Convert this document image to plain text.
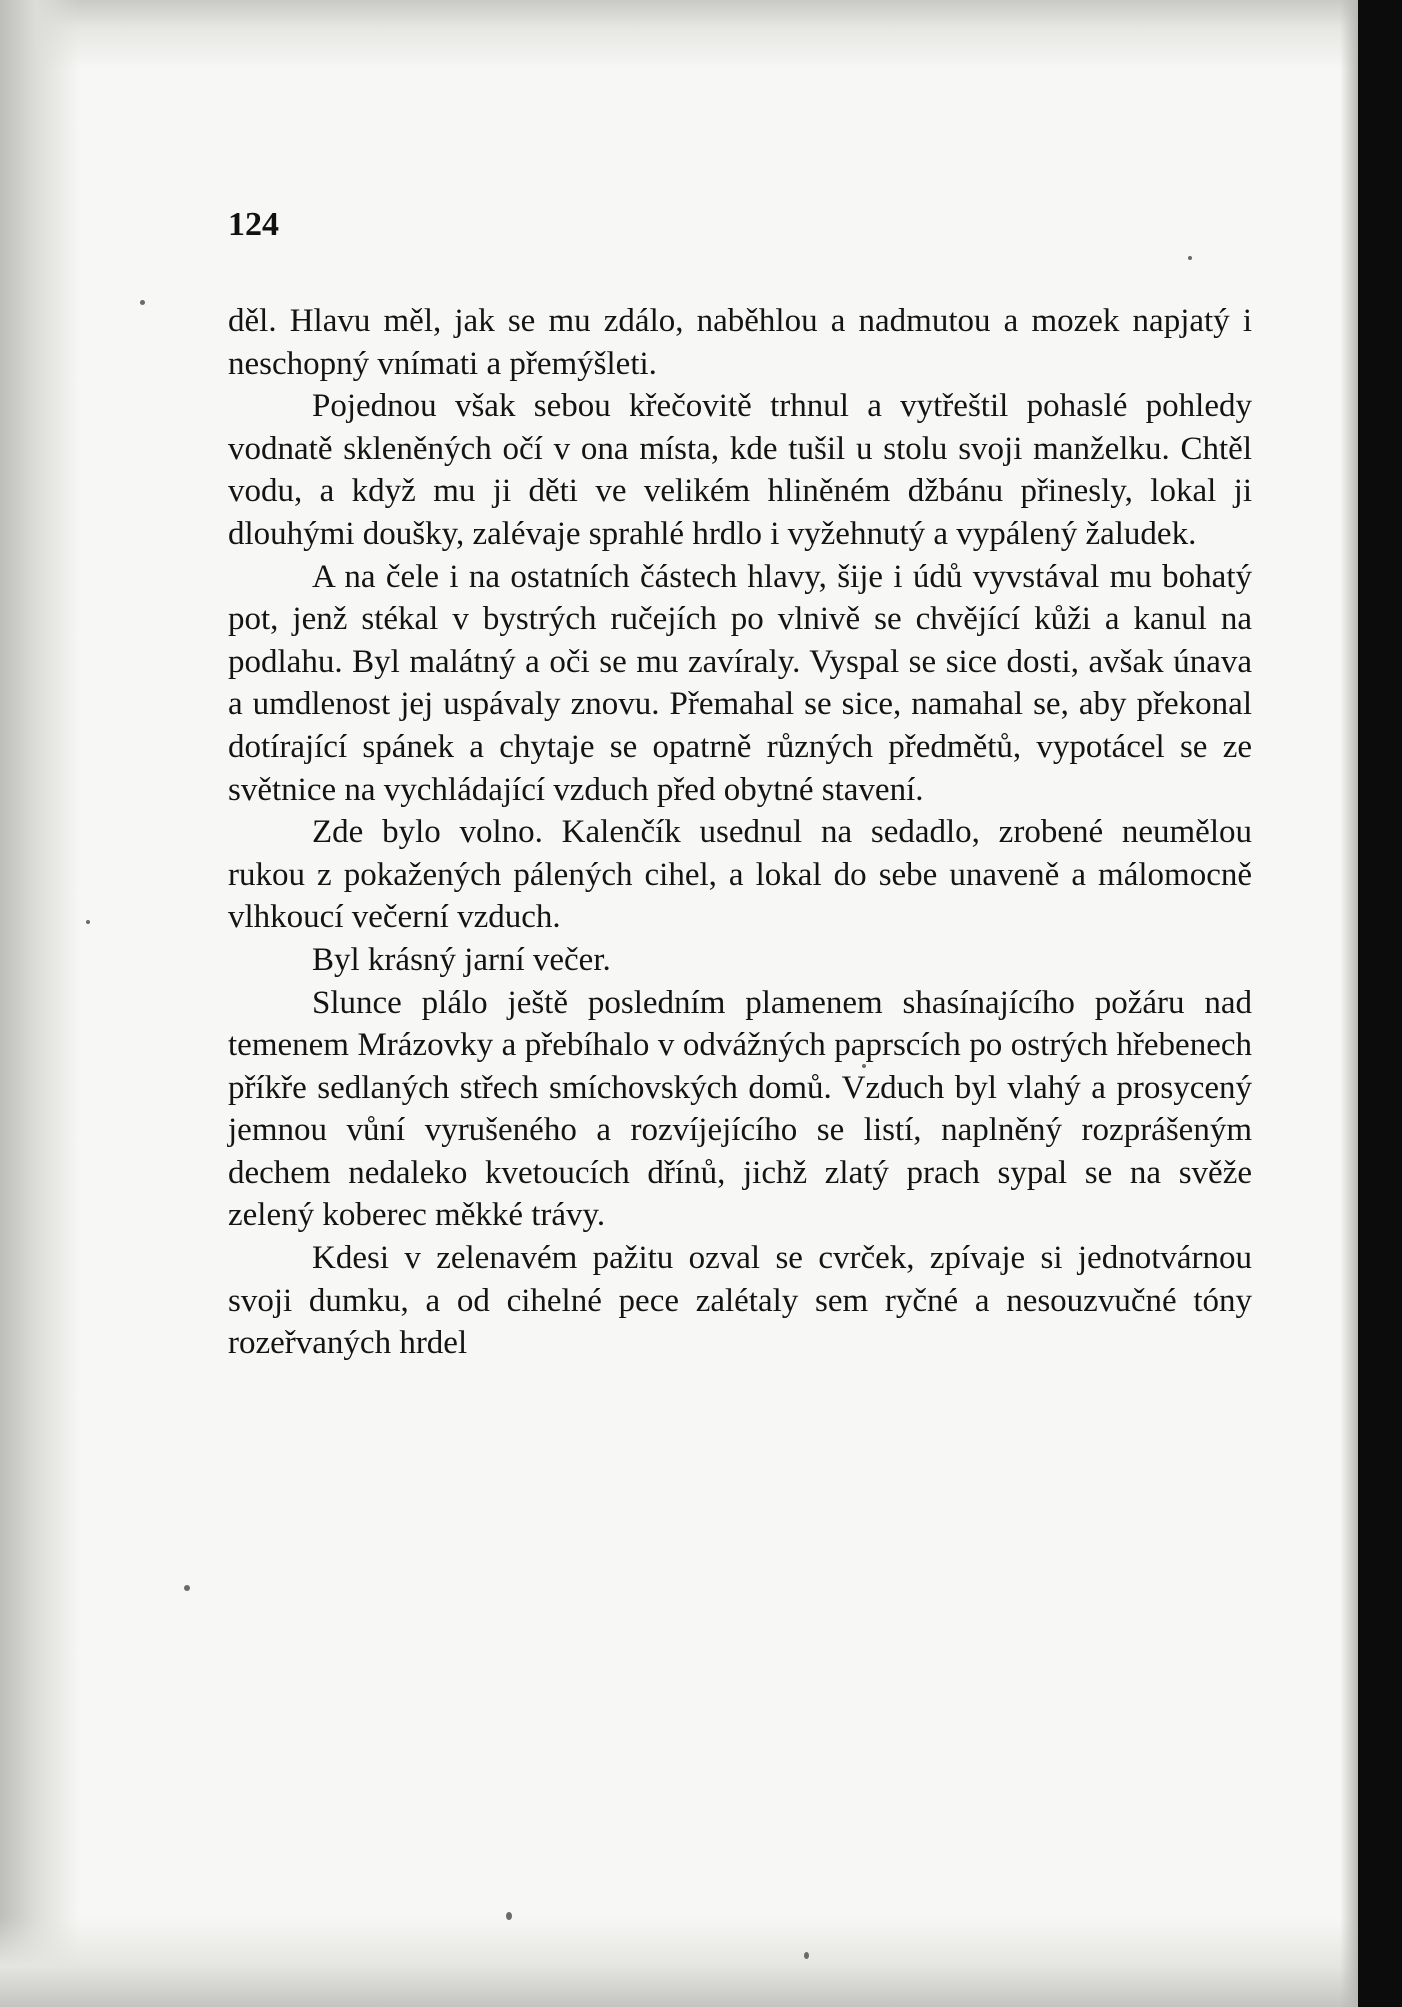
124

děl. Hlavu měl, jak se mu zdálo, naběhlou a nadmutou a mozek napjatý i neschopný vnímati a přemýšleti.

Pojednou však sebou křečovitě trhnul a vytřeštil pohaslé pohledy vodnatě skleněných očí v ona místa, kde tušil u stolu svoji manželku. Chtěl vodu, a když mu ji děti ve velikém hliněném džbánu přinesly, lokal ji dlouhými doušky, zalévaje sprahlé hrdlo i vyžehnutý a vypálený žaludek.

A na čele i na ostatních částech hlavy, šije i údů vyvstával mu bohatý pot, jenž stékal v bystrých ručejích po vlnivě se chvějící kůži a kanul na podlahu. Byl malátný a oči se mu zavíraly. Vyspal se sice dosti, avšak únava a umdlenost jej uspávaly znovu. Přemahal se sice, namahal se, aby překonal dotírající spánek a chytaje se opatrně různých předmětů, vypotácel se ze světnice na vychládající vzduch před obytné stavení.

Zde bylo volno. Kalenčík usednul na sedadlo, zrobené neumělou rukou z pokažených pálených cihel, a lokal do sebe unaveně a málomocně vlhkoucí večerní vzduch.

Byl krásný jarní večer.

Slunce plálo ještě posledním plamenem shasínajícího požáru nad temenem Mrázovky a přebíhalo v odvážných paprscích po ostrých hřebenech příkře sedlaných střech smíchovských domů. Vzduch byl vlahý a prosycený jemnou vůní vyrušeného a rozvíjejícího se listí, naplněný rozprášeným dechem nedaleko kvetoucích dřínů, jichž zlatý prach sypal se na svěže zelený koberec měkké trávy.

Kdesi v zelenavém pažitu ozval se cvrček, zpívaje si jednotvárnou svoji dumku, a od cihelné pece zalétaly sem ryčné a nesouzvučné tóny rozeřvaných hrdel
